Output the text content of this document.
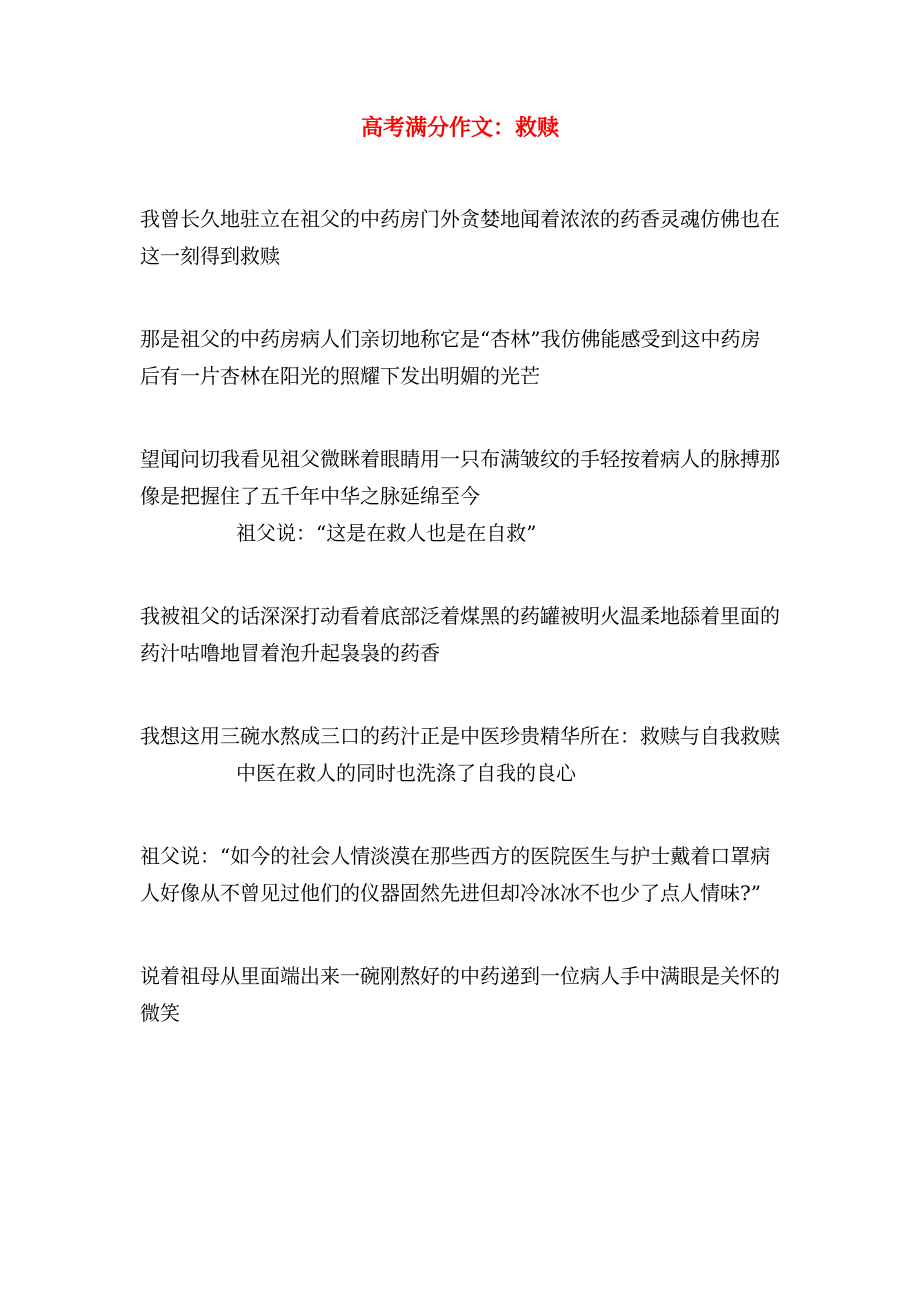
高考满分作文：救赎

我曾长久地驻立在祖父的中药房门外贪婪地闻着浓浓的药香灵魂仿佛也在这一刻得到救赎

那是祖父的中药房病人们亲切地称它是“杏林”我仿佛能感受到这中药房后有一片杏林在阳光的照耀下发出明媚的光芒

望闻问切我看见祖父微眯着眼睛用一只布满皱纹的手轻按着病人的脉搏那像是把握住了五千年中华之脉延绵至今

祖父说：“这是在救人也是在自救”

我被祖父的话深深打动看着底部泛着煤黑的药罐被明火温柔地舔着里面的药汁咕噜地冒着泡升起袅袅的药香

我想这用三碗水熬成三口的药汁正是中医珍贵精华所在：救赎与自我救赎

中医在救人的同时也洗涤了自我的良心

祖父说：“如今的社会人情淡漠在那些西方的医院医生与护士戴着口罩病人好像从不曾见过他们的仪器固然先进但却冷冰冰不也少了点人情味?”

说着祖母从里面端出来一碗刚熬好的中药递到一位病人手中满眼是关怀的微笑
